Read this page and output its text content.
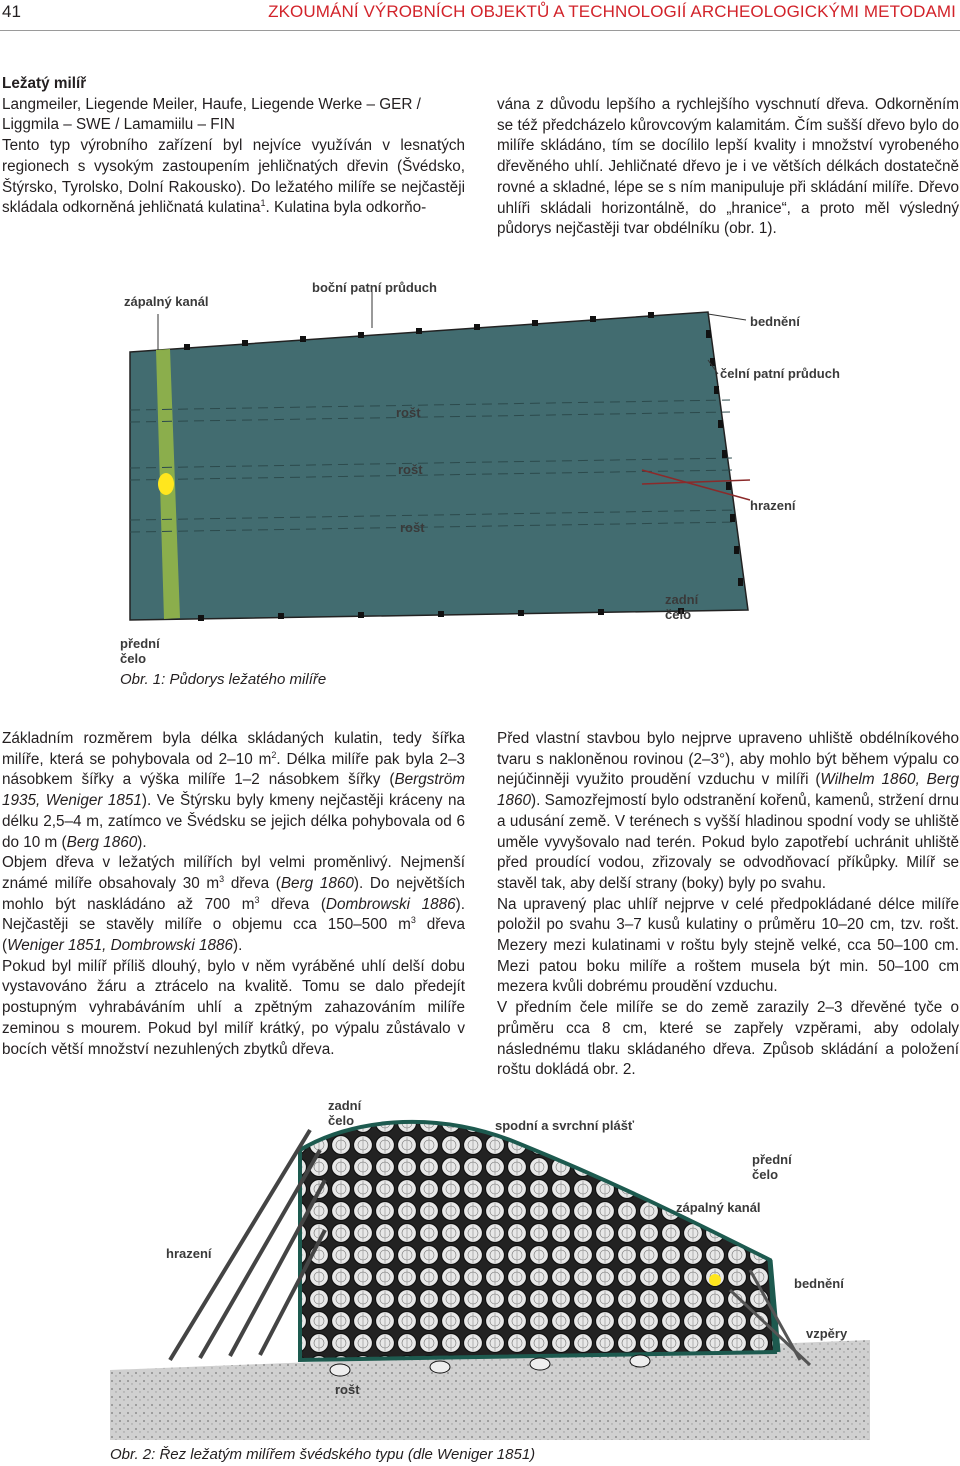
41	ZKOUMÁNÍ VÝROBNÍCH OBJEKTŮ A TECHNOLOGIÍ ARCHEOLOGICKÝMI METODAMI

Ležatý milíř

Langmeiler, Liegende Meiler, Haufe, Liegende Werke – GER / Liggmila – SWE / Lamamiilu – FIN

Tento typ výrobního zařízení byl nejvíce využíván v lesnatých regionech s vysokým zastoupením jehličnatých dřevin (Švédsko, Štýrsko, Tyrolsko, Dolní Rakousko). Do ležatého milíře se nejčastěji skládala odkorněná jehličnatá kulatina$^1$. Kulatina byla odkorňo-

vána z důvodu lepšího a rychlejšího vyschnutí dřeva. Odkorněním se též předcházelo kůrovcovým kalamitám. Čím sušší dřevo bylo do milíře skládáno, tím se docílilo lepší kvality i množství vyrobeného dřevěného uhlí. Jehličnaté dřevo je i ve větších délkách dostatečně rovné a skladné, lépe se s ním manipuluje při skládání milíře. Dřevo uhlíři skládali horizontálně, do „hranice“, a proto měl výsledný půdorys nejčastěji tvar obdélníku (obr. 1).

zápalný kanál
boční patní průduch
bednění
čelní patní průduch
rošt
rošt
rošt
hrazení
zadní čelo
přední čelo
Obr. 1: Půdorys ležatého milíře

Základním rozměrem byla délka skládaných kulatin, tedy šířka milíře, která se pohybovala od 2–10 $m^2$. Délka milíře pak byla 2–3 násobkem šířky a výška milíře 1–2 násobkem šířky (Bergström 1935, Weniger 1851). Ve Štýrsku byly kmeny nejčastěji kráceny na délku 2,5–4 m, zatímco ve Švédsku se jejich délka pohybovala od 6 do 10 m (Berg 1860).

Objem dřeva v ležatých milířích byl velmi proměnlivý. Nejmenší známé milíře obsahovaly 30 $m^3$ dřeva (Berg 1860). Do největších mohlo být naskládáno až 700 $m^3$ dřeva (Dombrowski 1886). Nejčastěji se stavěly milíře o objemu cca 150–500 $m^3$ dřeva (Weniger 1851, Dombrowski 1886).

Pokud byl milíř příliš dlouhý, bylo v něm vyráběné uhlí delší dobu vystavováno žáru a ztrácelo na kvalitě. Tomu se dalo předejít postupným vyhrabáváním uhlí a zpětným zahazováním milíře zeminou s mourem. Pokud byl milíř krátký, po výpalu zůstávalo v bocích větší množství nezuhlených zbytků dřeva.

Před vlastní stavbou bylo nejprve upraveno uhliště obdélníkového tvaru s nakloněnou rovinou (2–3°), aby mohlo být během výpalu co nejúčinněji využito proudění vzduchu v milíři (Wilhelm 1860, Berg 1860). Samozřejmostí bylo odstranění kořenů, kamenů, stržení drnu a udusání země. V terénech s vyšší hladinou spodní vody se uhliště uměle vyvyšovalo nad terén. Pokud bylo zapotřebí uchránit uhliště před proudící vodou, zřizovaly se odvodňovací příkůpky. Milíř se stavěl tak, aby delší strany (boky) byly po svahu.

Na upravený plac uhlíř nejprve v celé předpokládané délce milíře položil po svahu 3–7 kusů kulatiny o průměru 10–20 cm, tzv. rošt. Mezery mezi kulatinami v roštu byly stejně velké, cca 50–100 cm. Mezi patou boku milíře a roštem musela být min. 50–100 cm mezera kvůli dobrému proudění vzduchu.

V předním čele milíře se do země zarazily 2–3 dřevěné tyče o průměru cca 8 cm, které se zapřely vzpěrami, aby odolaly následnému tlaku skládaného dřeva. Způsob skládání a položení roštu dokládá obr. 2.

zadní čelo	spodní a svrchní plášť
přední čelo
zápalný kanál
hrazení
bednění
vzpěry
rošt
Obr. 2: Řez ležatým milířem švédského typu (dle Weniger 1851)
